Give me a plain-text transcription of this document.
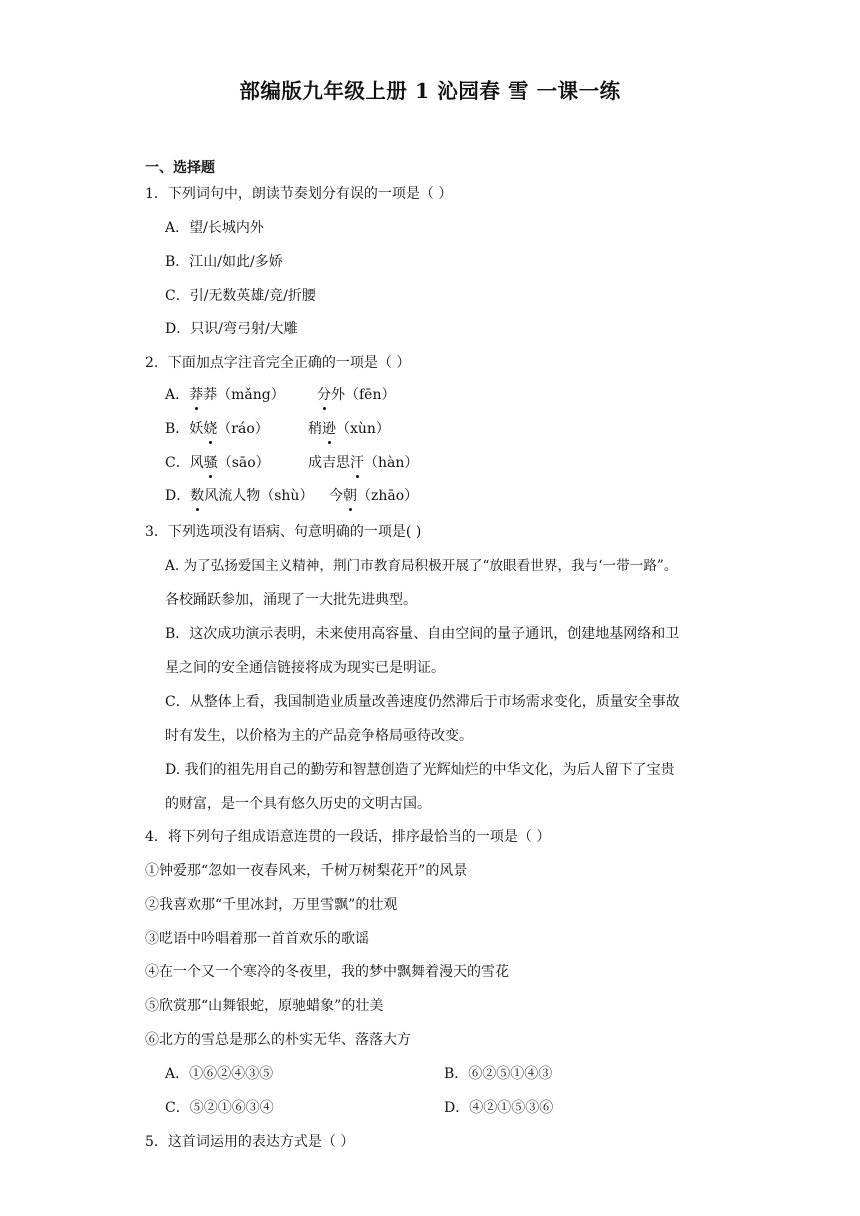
部编版九年级上册 1 沁园春 雪 一课一练
一、选择题
1．下列词句中，朗读节奏划分有误的一项是（ ）
A．望/长城内外
B．江山/如此/多娇
C．引/无数英雄/竞/折腰
D．只识/弯弓射/大雕
2．下面加点字注音完全正确的一项是（ ）
A．莽莽（mǎng） 分外（fēn）
B．妖娆（ráo）	稍逊（xùn）
C．风骚（sāo）	成吉思汗（hàn）
D．数风流人物（shù） 今朝（zhāo）
3．下列选项没有语病、句意明确的一项是( )
A. 为了弘扬爱国主义精神，荆门市教育局积极开展了“放眼看世界，我与‘一带一路”。
各校踊跃参加，涌现了一大批先进典型。
B．这次成功演示表明，未来使用高容量、自由空间的量子通讯，创建地基网络和卫
星之间的安全通信链接将成为现实已是明证。
C．从整体上看，我国制造业质量改善速度仍然滞后于市场需求变化，质量安全事故
时有发生，以价格为主的产品竞争格局亟待改变。
D. 我们的祖先用自己的勤劳和智慧创造了光辉灿烂的中华文化，为后人留下了宝贵
的财富，是一个具有悠久历史的文明古国。
4．将下列句子组成语意连贯的一段话，排序最恰当的一项是（ ）
①钟爱那“忽如一夜春风来，千树万树梨花开”的风景
②我喜欢那“千里冰封，万里雪飘”的壮观
③呓语中吟唱着那一首首欢乐的歌谣
④在一个又一个寒冷的冬夜里，我的梦中飘舞着漫天的雪花
⑤欣赏那“山舞银蛇，原驰蜡象”的壮美
⑥北方的雪总是那么的朴实无华、落落大方
A．①⑥②④③⑤	B．⑥②⑤①④③
C．⑤②①⑥③④	D．④②①⑤③⑥
5．这首词运用的表达方式是（ ）
